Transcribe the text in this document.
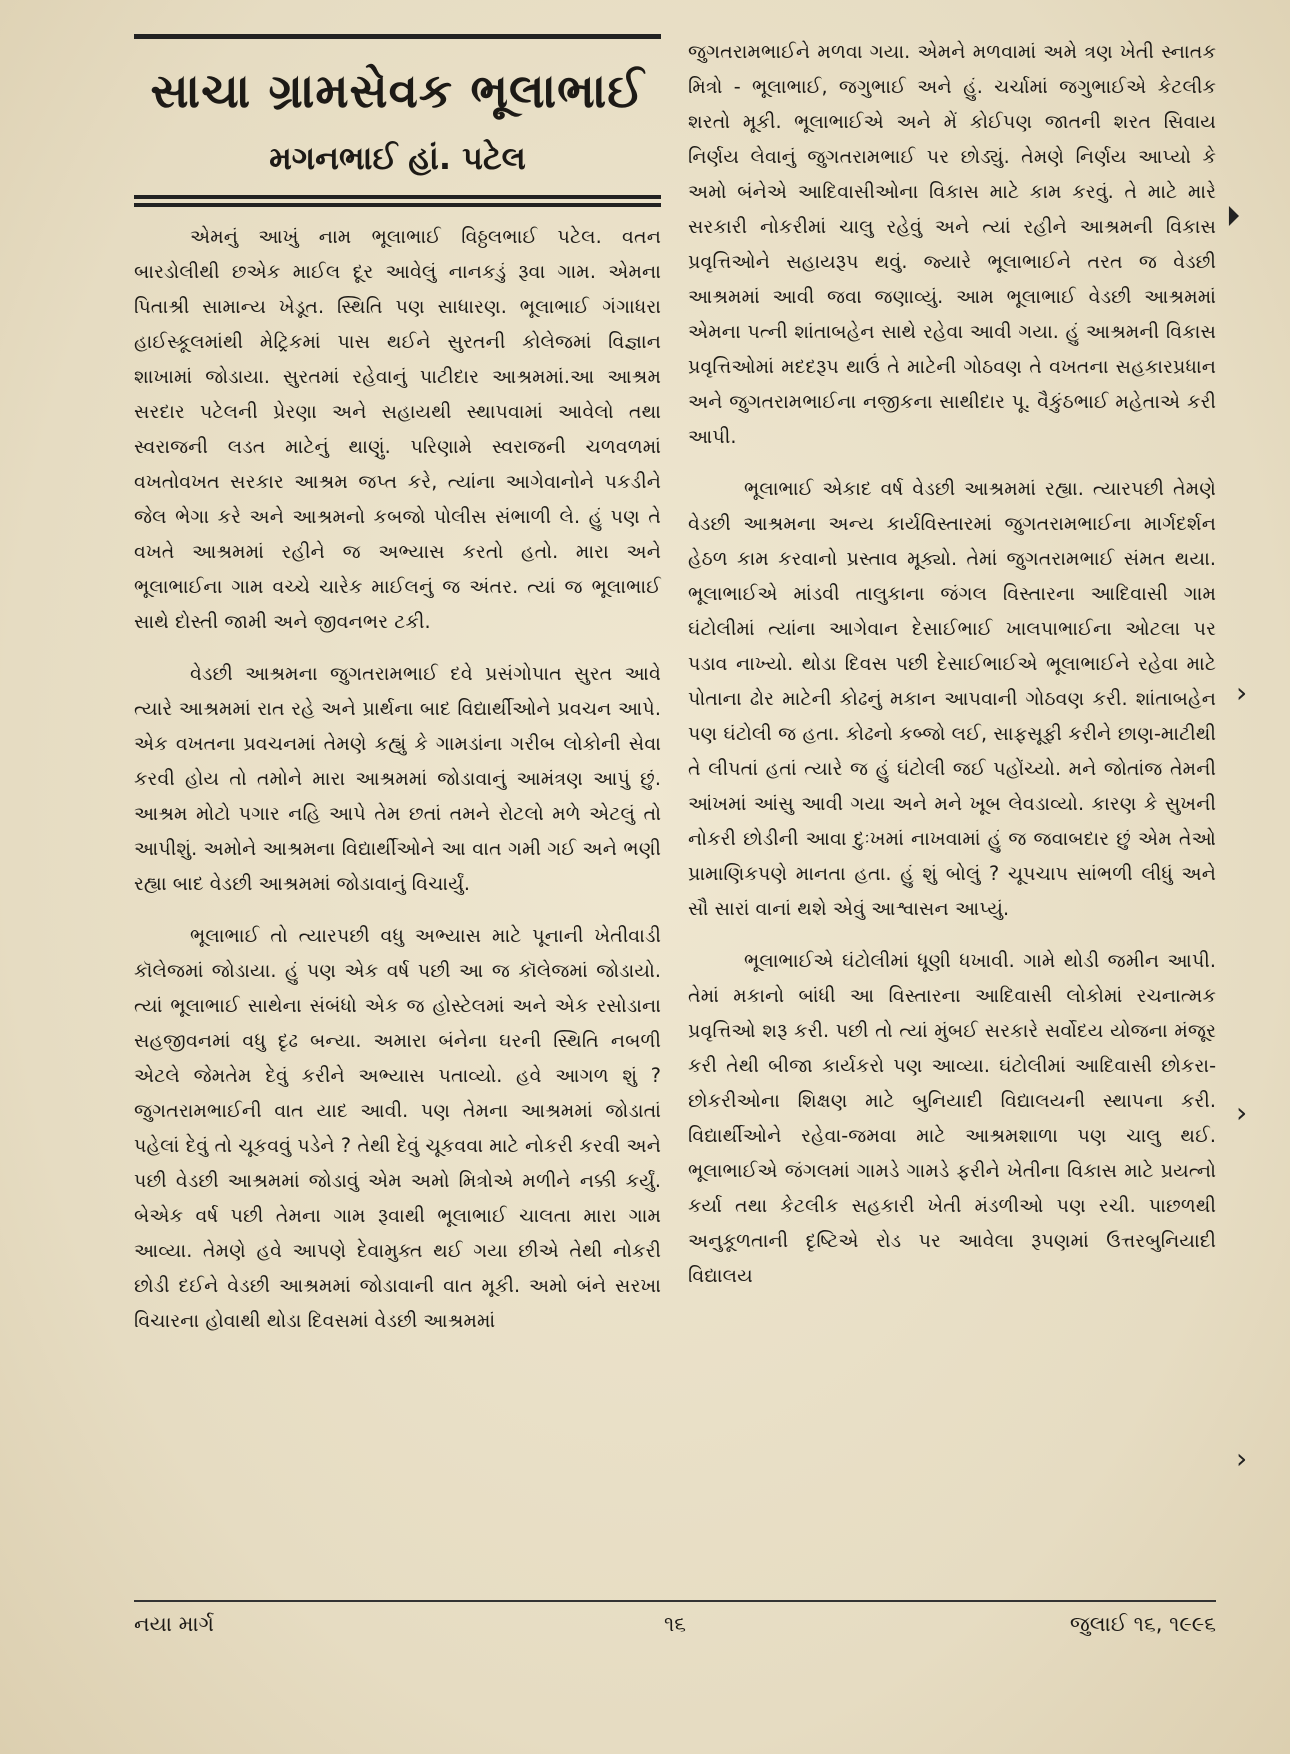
સાચા ગ્રામસેવક ભૂલાભાઈ
મગનભાઈ હાં. પટેલ

એમનું આખું નામ ભૂલાભાઈ વિઠ્ઠલભાઈ પટેલ. વતન બારડોલીથી છએક માઈલ દૂર આવેલું નાનકડું રૂવા ગામ. એમના પિતાશ્રી સામાન્ય ખેડૂત. સ્થિતિ પણ સાધારણ. ભૂલાભાઈ ગંગાધરા હાઈસ્કૂલમાંથી મેટ્રિકમાં પાસ થઈને સુરતની કોલેજમાં વિજ્ઞાન શાખામાં જોડાયા. સુરતમાં રહેવાનું પાટીદાર આશ્રમમાં.આ આશ્રમ સરદાર પટેલની પ્રેરણા અને સહાયથી સ્થાપવામાં આવેલો તથા સ્વરાજની લડત માટેનું થાણું. પરિણામે સ્વરાજની ચળવળમાં વખતોવખત સરકાર આશ્રમ જપ્ત કરે, ત્યાંના આગેવાનોને પકડીને જેલ ભેગા કરે અને આશ્રમનો કબજો પોલીસ સંભાળી લે. હું પણ તે વખતે આશ્રમમાં રહીને જ અભ્યાસ કરતો હતો. મારા અને ભૂલાભાઈના ગામ વચ્ચે ચારેક માઈલનું જ અંતર. ત્યાં જ ભૂલાભાઈ સાથે દોસ્તી જામી અને જીવનભર ટકી.

વેડછી આશ્રમના જુગતરામભાઈ દવે પ્રસંગોપાત સુરત આવે ત્યારે આશ્રમમાં રાત રહે અને પ્રાર્થના બાદ વિદ્યાર્થીઓને પ્રવચન આપે. એક વખતના પ્રવચનમાં તેમણે કહ્યું કે ગામડાંના ગરીબ લોકોની સેવા કરવી હોય તો તમોને મારા આશ્રમમાં જોડાવાનું આમંત્રણ આપું છું. આશ્રમ મોટો પગાર નહિ આપે તેમ છતાં તમને રોટલો મળે એટલું તો આપીશું. અમોને આશ્રમના વિદ્યાર્થીઓને આ વાત ગમી ગઈ અને ભણી રહ્યા બાદ વેડછી આશ્રમમાં જોડાવાનું વિચાર્યું.

ભૂલાભાઈ તો ત્યારપછી વધુ અભ્યાસ માટે પૂનાની ખેતીવાડી કૉલેજમાં જોડાયા. હું પણ એક વર્ષ પછી આ જ કૉલેજમાં જોડાયો. ત્યાં ભૂલાભાઈ સાથેના સંબંધો એક જ હોસ્ટેલમાં અને એક રસોડાના સહજીવનમાં વધુ દૃઢ બન્યા. અમારા બંનેના ઘરની સ્થિતિ નબળી એટલે જેમતેમ દેવું કરીને અભ્યાસ પતાવ્યો. હવે આગળ શું ? જુગતરામભાઈની વાત યાદ આવી. પણ તેમના આશ્રમમાં જોડાતાં પહેલાં દેવું તો ચૂકવવું પડેને ? તેથી દેવું ચૂકવવા માટે નોકરી કરવી અને પછી વેડછી આશ્રમમાં જોડાવું એમ અમો મિત્રોએ મળીને નક્કી કર્યું. બેએક વર્ષ પછી તેમના ગામ રૂવાથી ભૂલાભાઈ ચાલતા મારા ગામ આવ્યા. તેમણે હવે આપણે દેવામુક્ત થઈ ગયા છીએ તેથી નોકરી છોડી દઈને વેડછી આશ્રમમાં જોડાવાની વાત મૂકી. અમો બંને સરખા વિચારના હોવાથી થોડા દિવસમાં વેડછી આશ્રમમાં

જુગતરામભાઈને મળવા ગયા. એમને મળવામાં અમે ત્રણ ખેતી સ્નાતક મિત્રો - ભૂલાભાઈ, જગુભાઈ અને હું. ચર્ચામાં જગુભાઈએ કેટલીક શરતો મૂકી. ભૂલાભાઈએ અને મેં કોઈપણ જાતની શરત સિવાય નિર્ણય લેવાનું જુગતરામભાઈ પર છોડ્યું. તેમણે નિર્ણય આપ્યો કે અમો બંનેએ આદિવાસીઓના વિકાસ માટે કામ કરવું. તે માટે મારે સરકારી નોકરીમાં ચાલુ રહેવું અને ત્યાં રહીને આશ્રમની વિકાસ પ્રવૃત્તિઓને સહાયરૂપ થવું. જ્યારે ભૂલાભાઈને તરત જ વેડછી આશ્રમમાં આવી જવા જણાવ્યું. આમ ભૂલાભાઈ વેડછી આશ્રમમાં એમના પત્ની શાંતાબહેન સાથે રહેવા આવી ગયા. હું આશ્રમની વિકાસ પ્રવૃત્તિઓમાં મદદરૂપ થાઉં તે માટેની ગોઠવણ તે વખતના સહકારપ્રધાન અને જુગતરામભાઈના નજીકના સાથીદાર પૂ. વૈકુંઠભાઈ મહેતાએ કરી આપી.

ભૂલાભાઈ એકાદ વર્ષ વેડછી આશ્રમમાં રહ્યા. ત્યારપછી તેમણે વેડછી આશ્રમના અન્ય કાર્યવિસ્તારમાં જુગતરામભાઈના માર્ગદર્શન હેઠળ કામ કરવાનો પ્રસ્તાવ મૂક્યો. તેમાં જુગતરામભાઈ સંમત થયા. ભૂલાભાઈએ માંડવી તાલુકાના જંગલ વિસ્તારના આદિવાસી ગામ ઘંટોલીમાં ત્યાંના આગેવાન દેસાઈભાઈ ખાલપાભાઈના ઓટલા પર પડાવ નાખ્યો. થોડા દિવસ પછી દેસાઈભાઈએ ભૂલાભાઈને રહેવા માટે પોતાના ઢોર માટેની કોઢનું મકાન આપવાની ગોઠવણ કરી. શાંતાબહેન પણ ઘંટોલી જ હતા. કોઢનો કબ્જો લઈ, સાફસૂફી કરીને છાણ-માટીથી તે લીપતાં હતાં ત્યારે જ હું ઘંટોલી જઈ પહોંચ્યો. મને જોતાંજ તેમની આંખમાં આંસુ આવી ગયા અને મને ખૂબ લેવડાવ્યો. કારણ કે સુખની નોકરી છોડીની આવા દુઃખમાં નાખવામાં હું જ જવાબદાર છું એમ તેઓ પ્રામાણિકપણે માનતા હતા. હું શું બોલું ? ચૂપચાપ સાંભળી લીધું અને સૌ સારાં વાનાં થશે એવું આશ્વાસન આપ્યું.

ભૂલાભાઈએ ઘંટોલીમાં ધૂણી ધખાવી. ગામે થોડી જમીન આપી. તેમાં મકાનો બાંધી આ વિસ્તારના આદિવાસી લોકોમાં રચનાત્મક પ્રવૃત્તિઓ શરૂ કરી. પછી તો ત્યાં મુંબઈ સરકારે સર્વોદય યોજના મંજૂર કરી તેથી બીજા કાર્યકરો પણ આવ્યા. ઘંટોલીમાં આદિવાસી છોકરા-છોકરીઓના શિક્ષણ માટે બુનિયાદી વિદ્યાલયની સ્થાપના કરી. વિદ્યાર્થીઓને રહેવા-જમવા માટે આશ્રમશાળા પણ ચાલુ થઈ. ભૂલાભાઈએ જંગલમાં ગામડે ગામડે ફરીને ખેતીના વિકાસ માટે પ્રયત્નો કર્યા તથા કેટલીક સહકારી ખેતી મંડળીઓ પણ રચી. પાછળથી અનુકૂળતાની દૃષ્ટિએ રોડ પર આવેલા રૂપણમાં ઉત્તરબુનિયાદી વિદ્યાલય

⏵
›
›
›
નયા માર્ગ	૧૬	જુલાઈ ૧૬, ૧૯૯૬
